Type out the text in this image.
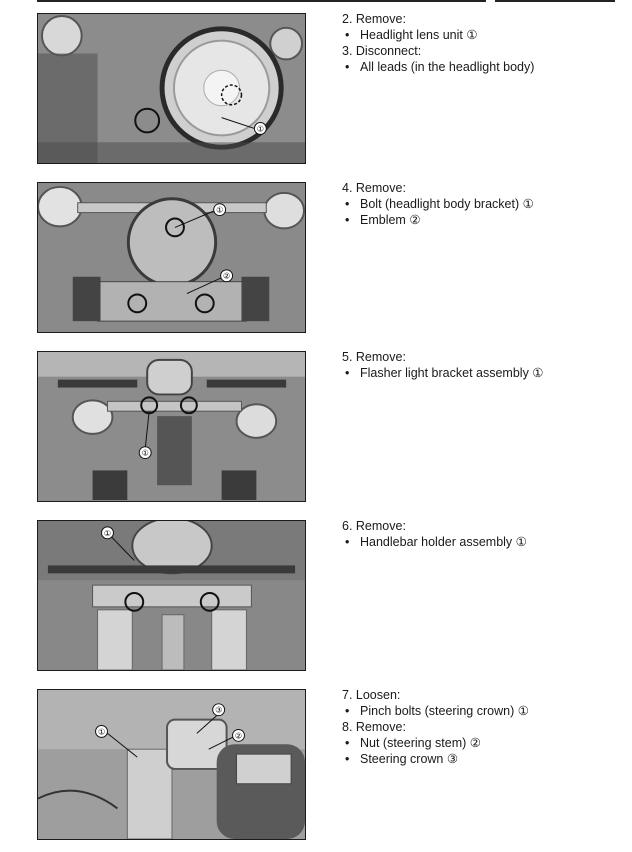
①
2. Remove:
• Headlight lens unit ①
3. Disconnect:
• All leads (in the headlight body)
①
②
4. Remove:
• Bolt (headlight body bracket) ①
• Emblem ②
①
5. Remove:
• Flasher light bracket assembly ①
①
6. Remove:
• Handlebar holder assembly ①
①	②
③
7. Loosen:
• Pinch bolts (steering crown) ①
8. Remove:
• Nut (steering stem) ②
• Steering crown ③
